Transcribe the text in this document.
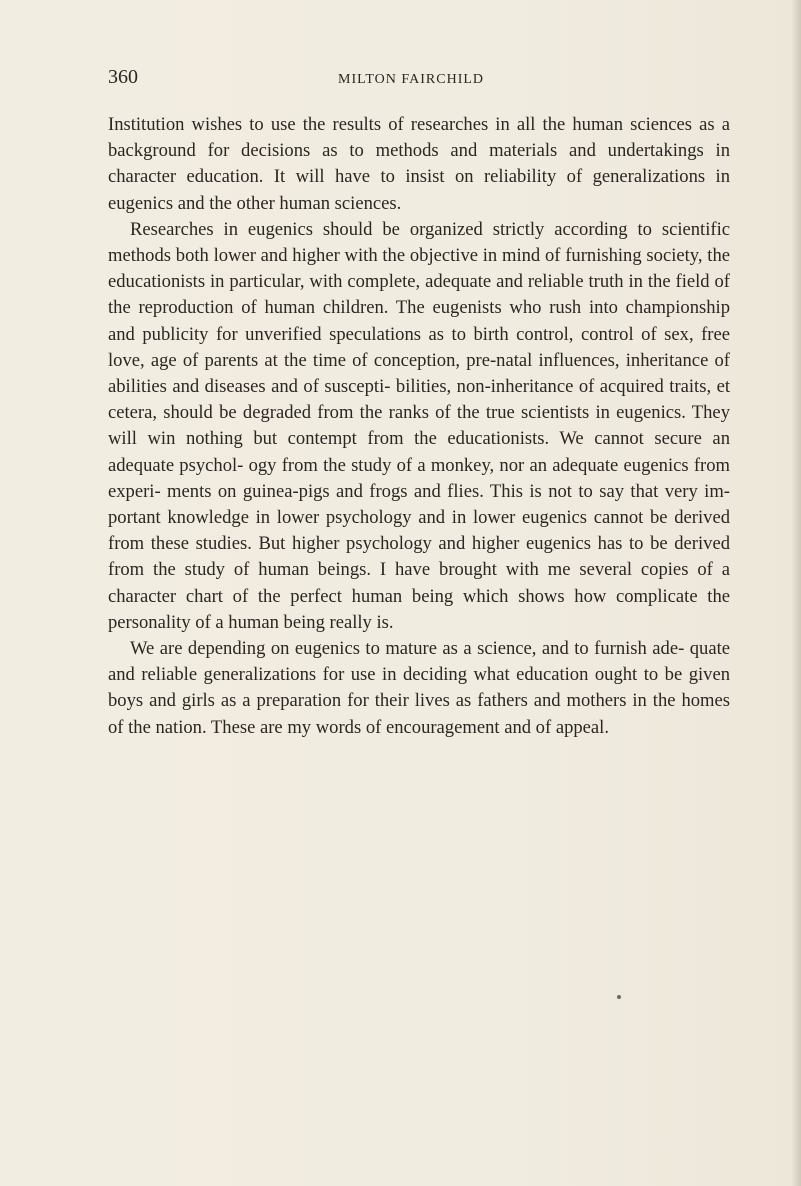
360	MILTON FAIRCHILD

Institution wishes to use the results of researches in all the human sciences as a background for decisions as to methods and materials and undertakings in character education. It will have to insist on reliability of generalizations in eugenics and the other human sciences.

Researches in eugenics should be organized strictly according to scientific methods both lower and higher with the objective in mind of furnishing society, the educationists in particular, with complete, adequate and reliable truth in the field of the reproduction of human children. The eugenists who rush into championship and publicity for unverified speculations as to birth control, control of sex, free love, age of parents at the time of conception, pre-natal influences, inheritance of abilities and diseases and of suscepti- bilities, non-inheritance of acquired traits, et cetera, should be degraded from the ranks of the true scientists in eugenics. They will win nothing but contempt from the educationists. We cannot secure an adequate psychol- ogy from the study of a monkey, nor an adequate eugenics from experi- ments on guinea-pigs and frogs and flies. This is not to say that very im- portant knowledge in lower psychology and in lower eugenics cannot be derived from these studies. But higher psychology and higher eugenics has to be derived from the study of human beings. I have brought with me several copies of a character chart of the perfect human being which shows how complicate the personality of a human being really is.

We are depending on eugenics to mature as a science, and to furnish ade- quate and reliable generalizations for use in deciding what education ought to be given boys and girls as a preparation for their lives as fathers and mothers in the homes of the nation. These are my words of encouragement and of appeal.
